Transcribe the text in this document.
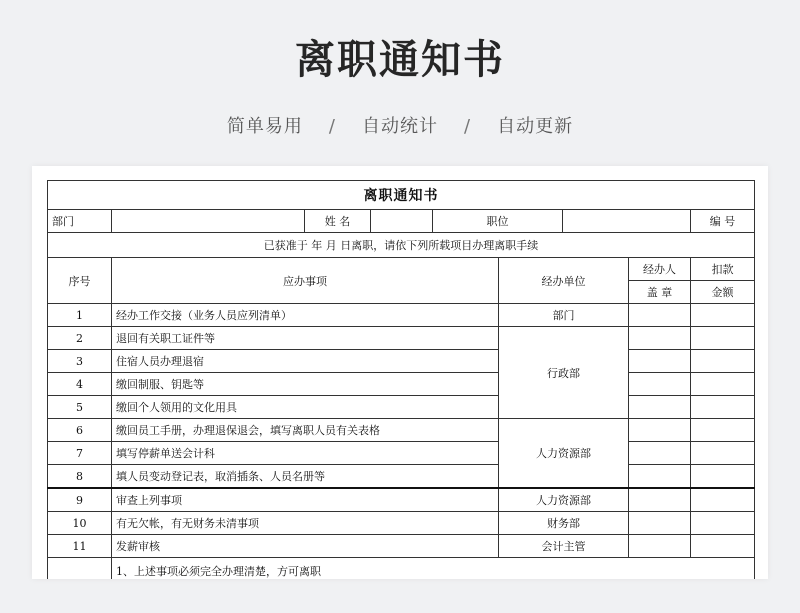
离职通知书
简单易用 / 自动统计 / 自动更新
离职通知书									
部门		姓 名		职位				编 号	
已获准于 年 月 日离职，请依下列所载项目办理离职手续									
序号	应办事项				经办单位		经办人	扣款	
							盖 章	金额	
1	经办工作交接（业务人员应列清单）				部门				
2	退回有关职工证件等				行政部				
3	住宿人员办理退宿								
4	缴回制服、钥匙等								
5	缴回个人领用的文化用具								
6	缴回员工手册，办理退保退会，填写离职人员有关表格				人力资源部				
7	填写停薪单送会计科								
8	填人员变动登记表，取消插条、人员名册等								
9	审查上列事项				人力资源部				
10	有无欠帐，有无财务未清事项				财务部				
11	发薪审核				会计主管				
	1、上述事项必须完全办理清楚，方可离职								
